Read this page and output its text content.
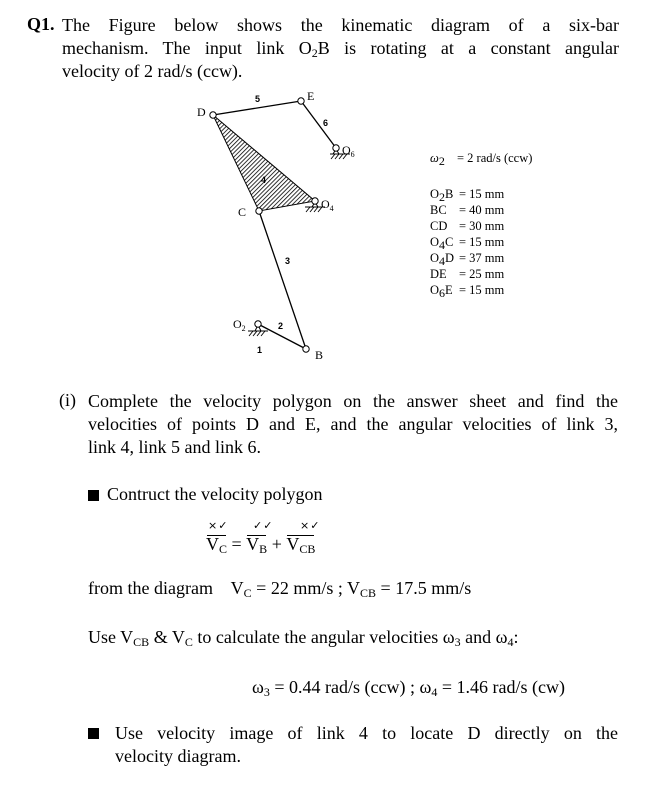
Q1. The Figure below shows the kinematic diagram of a six-bar
mechanism. The input link $O_2B$ is rotating at a constant angular
velocity of 2 rad/s (ccw).
D
E
C
B
$O_6$
$O_4$
$O_2$
5
6
4
3
2
1
$\omega_2 = 2$ rad/s (ccw)
$O_2B = 15$ mm
BC = 40 mm
CD = 30 mm
$O_4C = 15$ mm
$O_4D = 37$ mm
DE = 25 mm
$O_6E = 15$ mm
(i) Complete the velocity polygon on the answer sheet and find the
velocities of points D and E, and the angular velocities of link 3,
link 4, link 5 and link 6.
Contruct the velocity polygon
×✓ ✓✓ ×✓
$V_C = V_B + V_{CB}$
from the diagram $V_C = 22$ mm/s ; $V_{CB} = 17.5$ mm/s
Use $V_{CB}$ & $V_C$ to calculate the angular velocities $\omega_3$ and $\omega_4$:
$\omega_3 = 0.44$ rad/s (ccw) ; $\omega_4 = 1.46$ rad/s (cw)
Use velocity image of link 4 to locate D directly on the
velocity diagram.
